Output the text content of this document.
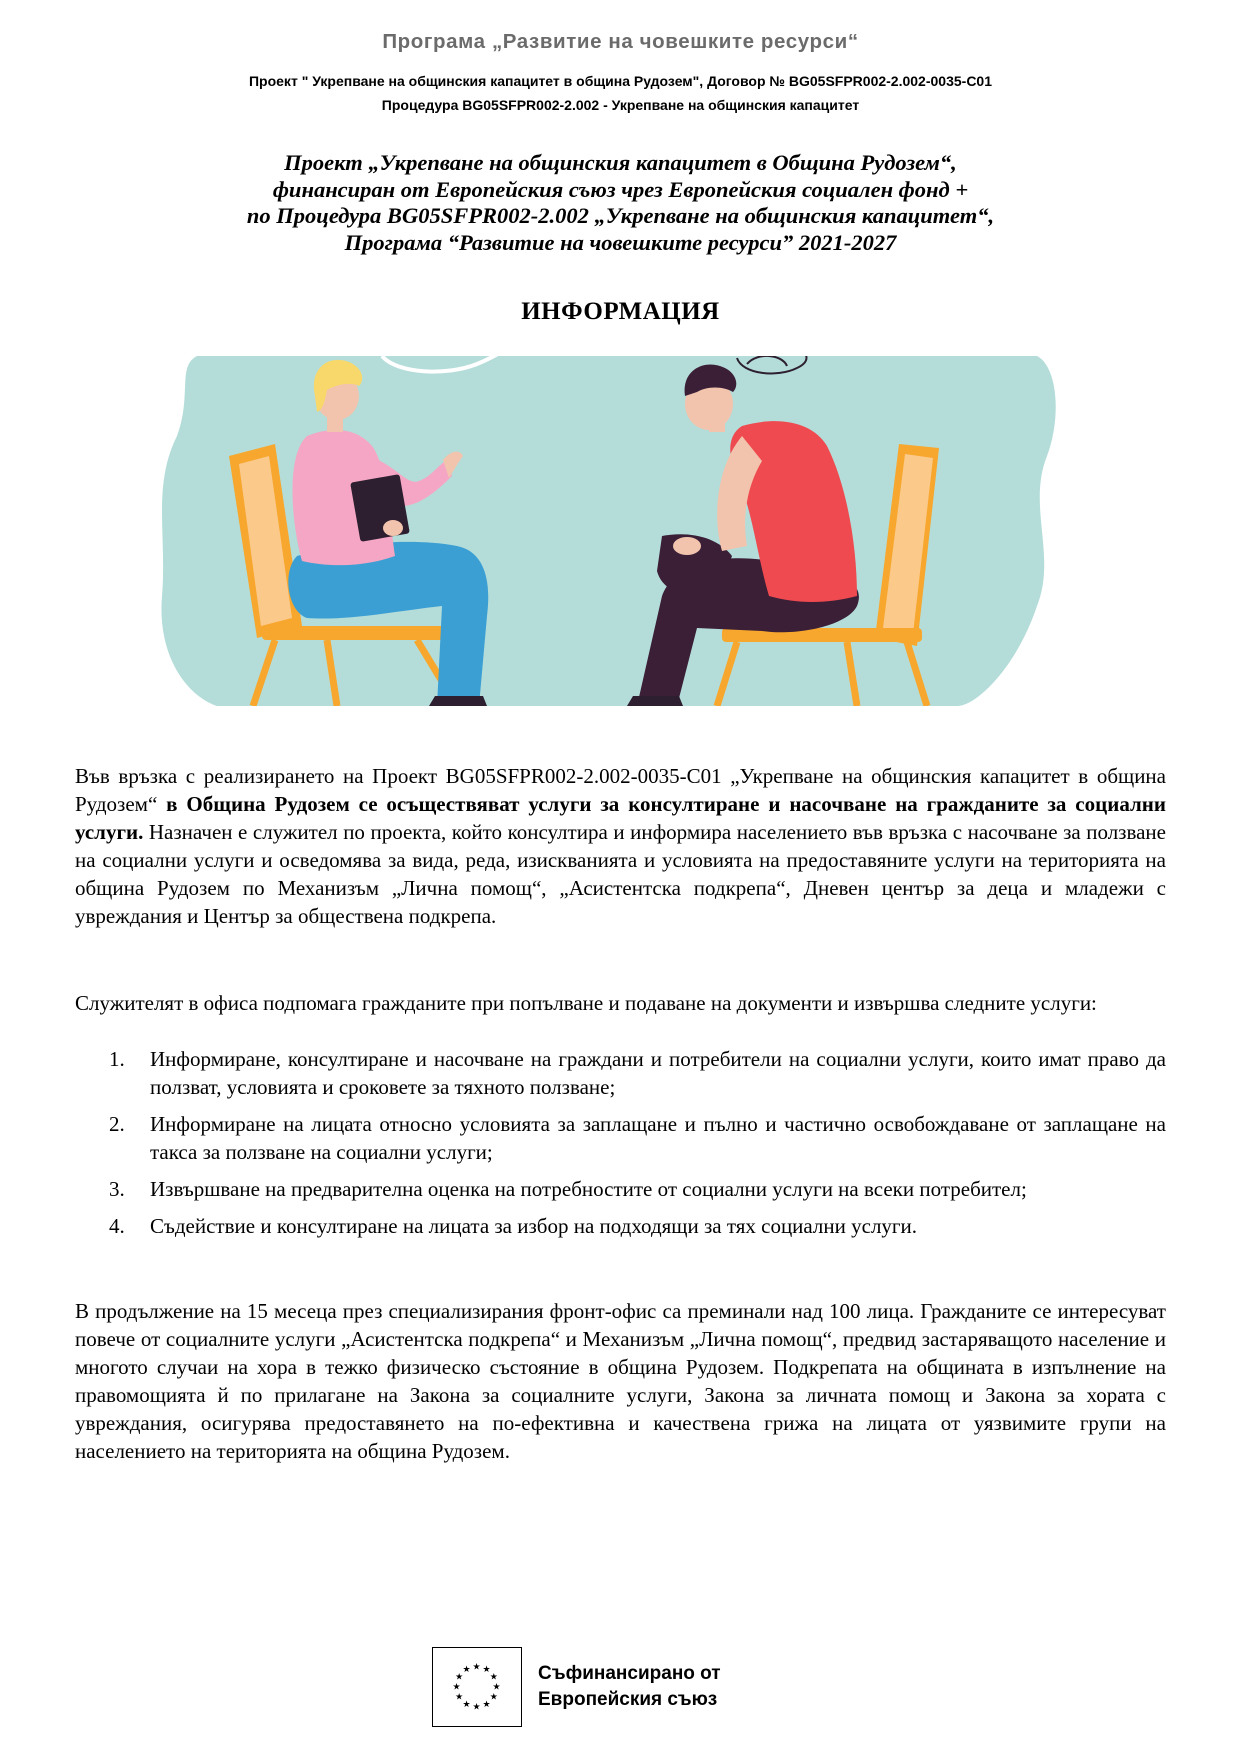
Програма „Развитие на човешките ресурси“
Проект " Укрепване на общинския капацитет в община Рудозем", Договор № BG05SFPR002-2.002-0035-C01
Процедура BG05SFPR002-2.002 - Укрепване на общинския капацитет
Проект „Укрепване на общинския капацитет в Община Рудозем“,
финансиран от Европейския съюз чрез Европейския социален фонд +
по Процедура BG05SFPR002-2.002 „Укрепване на общинския капацитет“,
Програма “Развитие на човешките ресурси” 2021-2027
ИНФОРМАЦИЯ

Във връзка с реализирането на Проект BG05SFPR002-2.002-0035-C01 „Укрепване на общинския капацитет в община Рудозем“ в Община Рудозем се осъществяват услуги за консултиране и насочване на гражданите за социални услуги. Назначен е служител по проекта, който консултира и информира населението във връзка с насочване за ползване на социални услуги и осведомява за вида, реда, изискванията и условията на предоставяните услуги на територията на община Рудозем по Механизъм „Лична помощ“, „Асистентска подкрепа“, Дневен център за деца и младежи с увреждания и Център за обществена подкрепа.

Служителят в офиса подпомага гражданите при попълване и подаване на документи и извършва следните услуги:

1. Информиране, консултиране и насочване на граждани и потребители на социални услуги, които имат право да ползват, условията и сроковете за тяхното ползване;
2. Информиране на лицата относно условията за заплащане и пълно и частично освобождаване от заплащане на такса за ползване на социални услуги;
3. Извършване на предварителна оценка на потребностите от социални услуги на всеки потребител;
4. Съдействие и консултиране на лицата за избор на подходящи за тях социални услуги.

В продължение на 15 месеца през специализирания фронт-офис са преминали над 100 лица. Гражданите се интересуват повече от социалните услуги „Асистентска подкрепа“ и Механизъм „Лична помощ“, предвид застаряващото население и многото случаи на хора в тежко физическо състояние в община Рудозем. Подкрепата на общината в изпълнение на правомощията й по прилагане на Закона за социалните услуги, Закона за личната помощ и Закона за хората с увреждания, осигурява предоставянето на по-ефективна и качествена грижа на лицата от уязвимите групи на населението на територията на община Рудозем.

★ ★
★
★
★
★
★
★
★
★
★
★	Съфинансирано от
Европейския съюз
